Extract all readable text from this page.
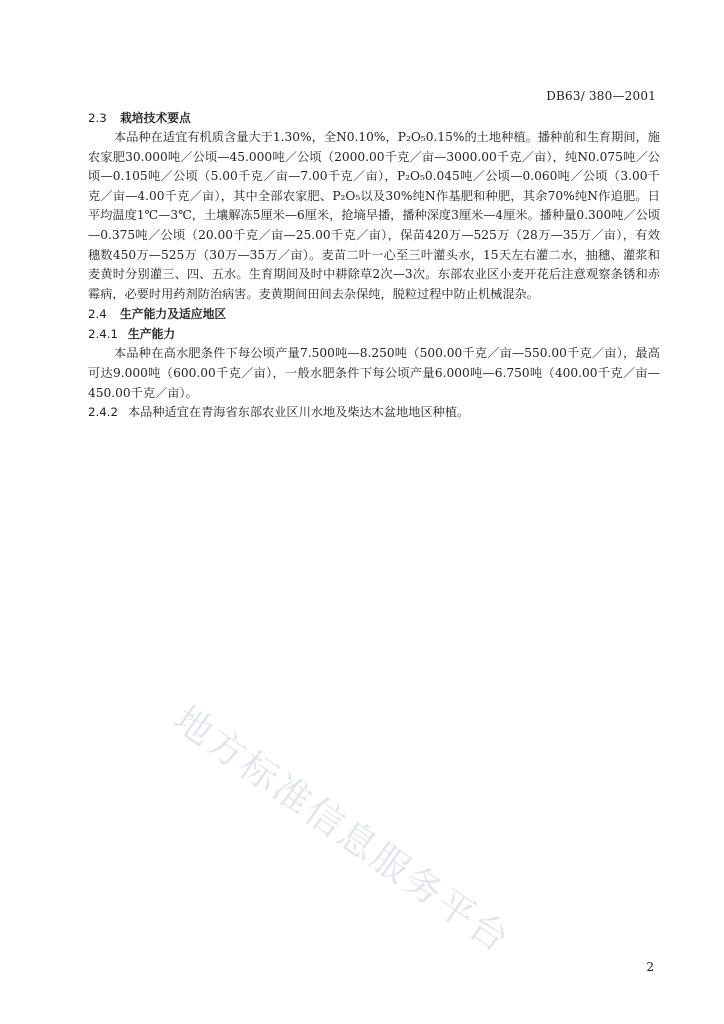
DB63/ 380—2001

2.3 栽培技术要点

本品种在适宜有机质含量大于1.30%，全N0.10%，P₂O₅0.15%的土地种植。播种前和生育期间，施农家肥30.000吨／公顷—45.000吨／公顷（2000.00千克／亩—3000.00千克／亩），纯N0.075吨／公顷—0.105吨／公顷（5.00千克／亩—7.00千克／亩），P₂O₅0.045吨／公顷—0.060吨／公顷（3.00千克／亩—4.00千克／亩），其中全部农家肥、P₂O₅以及30%纯N作基肥和种肥，其余70%纯N作追肥。日平均温度1℃—3℃，土壤解冻5厘米—6厘米，抢墒早播，播种深度3厘米—4厘米。播种量0.300吨／公顷—0.375吨／公顷（20.00千克／亩—25.00千克／亩），保苗420万—525万（28万—35万／亩），有效穗数450万—525万（30万—35万／亩）。麦苗二叶一心至三叶灌头水，15天左右灌二水，抽穗、灌浆和麦黄时分别灌三、四、五水。生育期间及时中耕除草2次—3次。东部农业区小麦开花后注意观察条锈和赤霉病，必要时用药剂防治病害。麦黄期间田间去杂保纯，脱粒过程中防止机械混杂。

2.4 生产能力及适应地区

2.4.1 生产能力

本品种在高水肥条件下每公顷产量7.500吨—8.250吨（500.00千克／亩—550.00千克／亩），最高可达9.000吨（600.00千克／亩），一般水肥条件下每公顷产量6.000吨—6.750吨（400.00千克／亩—450.00千克／亩）。

2.4.2 本品种适宜在青海省东部农业区川水地及柴达木盆地地区种植。

地方标准信息服务平台
2
